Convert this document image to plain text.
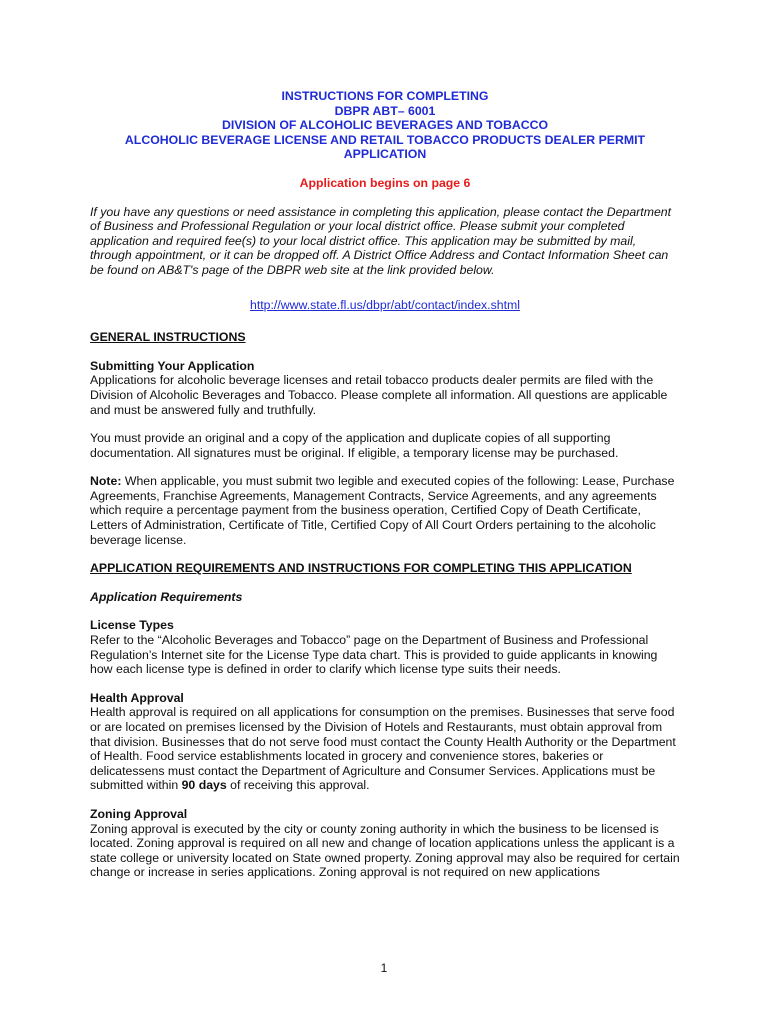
INSTRUCTIONS FOR COMPLETING
DBPR ABT– 6001
DIVISION OF ALCOHOLIC BEVERAGES AND TOBACCO
ALCOHOLIC BEVERAGE LICENSE AND RETAIL TOBACCO PRODUCTS DEALER PERMIT
APPLICATION
Application begins on page 6

If you have any questions or need assistance in completing this application, please contact the Department of Business and Professional Regulation or your local district office. Please submit your completed application and required fee(s) to your local district office. This application may be submitted by mail, through appointment, or it can be dropped off. A District Office Address and Contact Information Sheet can be found on AB&T's page of the DBPR web site at the link provided below.

http://www.state.fl.us/dbpr/abt/contact/index.shtml
GENERAL INSTRUCTIONS
Submitting Your Application

Applications for alcoholic beverage licenses and retail tobacco products dealer permits are filed with the Division of Alcoholic Beverages and Tobacco. Please complete all information. All questions are applicable and must be answered fully and truthfully.

You must provide an original and a copy of the application and duplicate copies of all supporting documentation. All signatures must be original. If eligible, a temporary license may be purchased.

Note: When applicable, you must submit two legible and executed copies of the following: Lease, Purchase Agreements, Franchise Agreements, Management Contracts, Service Agreements, and any agreements which require a percentage payment from the business operation, Certified Copy of Death Certificate, Letters of Administration, Certificate of Title, Certified Copy of All Court Orders pertaining to the alcoholic beverage license.

APPLICATION REQUIREMENTS AND INSTRUCTIONS FOR COMPLETING THIS APPLICATION
Application Requirements
License Types

Refer to the “Alcoholic Beverages and Tobacco” page on the Department of Business and Professional Regulation’s Internet site for the License Type data chart. This is provided to guide applicants in knowing how each license type is defined in order to clarify which license type suits their needs.

Health Approval

Health approval is required on all applications for consumption on the premises. Businesses that serve food or are located on premises licensed by the Division of Hotels and Restaurants, must obtain approval from that division. Businesses that do not serve food must contact the County Health Authority or the Department of Health. Food service establishments located in grocery and convenience stores, bakeries or delicatessens must contact the Department of Agriculture and Consumer Services. Applications must be submitted within 90 days of receiving this approval.

Zoning Approval

Zoning approval is executed by the city or county zoning authority in which the business to be licensed is located. Zoning approval is required on all new and change of location applications unless the applicant is a state college or university located on State owned property. Zoning approval may also be required for certain change or increase in series applications. Zoning approval is not required on new applications

1
